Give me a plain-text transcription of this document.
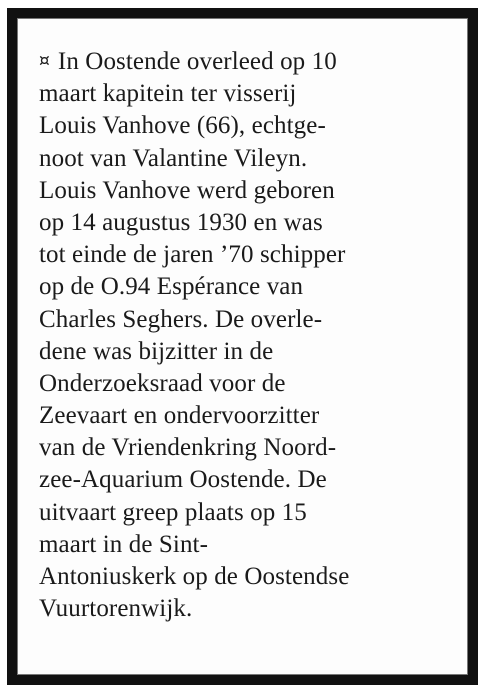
¤ In Oostende overleed op 10
maart kapitein ter visserij
Louis Vanhove (66), echtge-
noot van Valantine Vileyn.
Louis Vanhove werd geboren
op 14 augustus 1930 en was
tot einde de jaren ’70 schipper
op de O.94 Espérance van
Charles Seghers. De overle-
dene was bijzitter in de
Onderzoeksraad voor de
Zeevaart en ondervoorzitter
van de Vriendenkring Noord-
zee-Aquarium Oostende. De
uitvaart greep plaats op 15
maart in de Sint-
Antoniuskerk op de Oostendse
Vuurtorenwijk.
